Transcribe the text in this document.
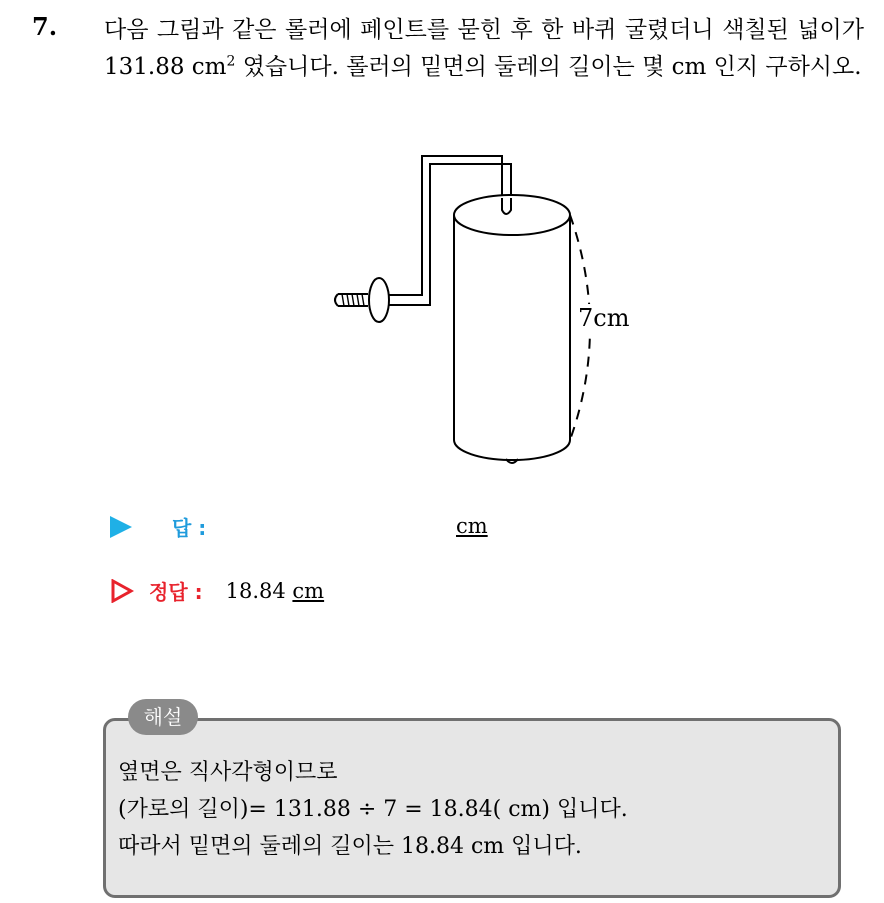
7. 다음 그림과 같은 롤러에 페인트를 묻힌 후 한 바퀴 굴렸더니 색칠된 넓이가 131.88 $cm^2$ 였습니다. 롤러의 밑면의 둘레의 길이는 몇 cm 인지 구하시오.
7cm
답 :	cm
정답 : 18.84 cm
해설
옆면은 직사각형이므로
(가로의 길이)= 131.88 ÷ 7 = 18.84( cm) 입니다.
따라서 밑면의 둘레의 길이는 18.84 cm 입니다.
